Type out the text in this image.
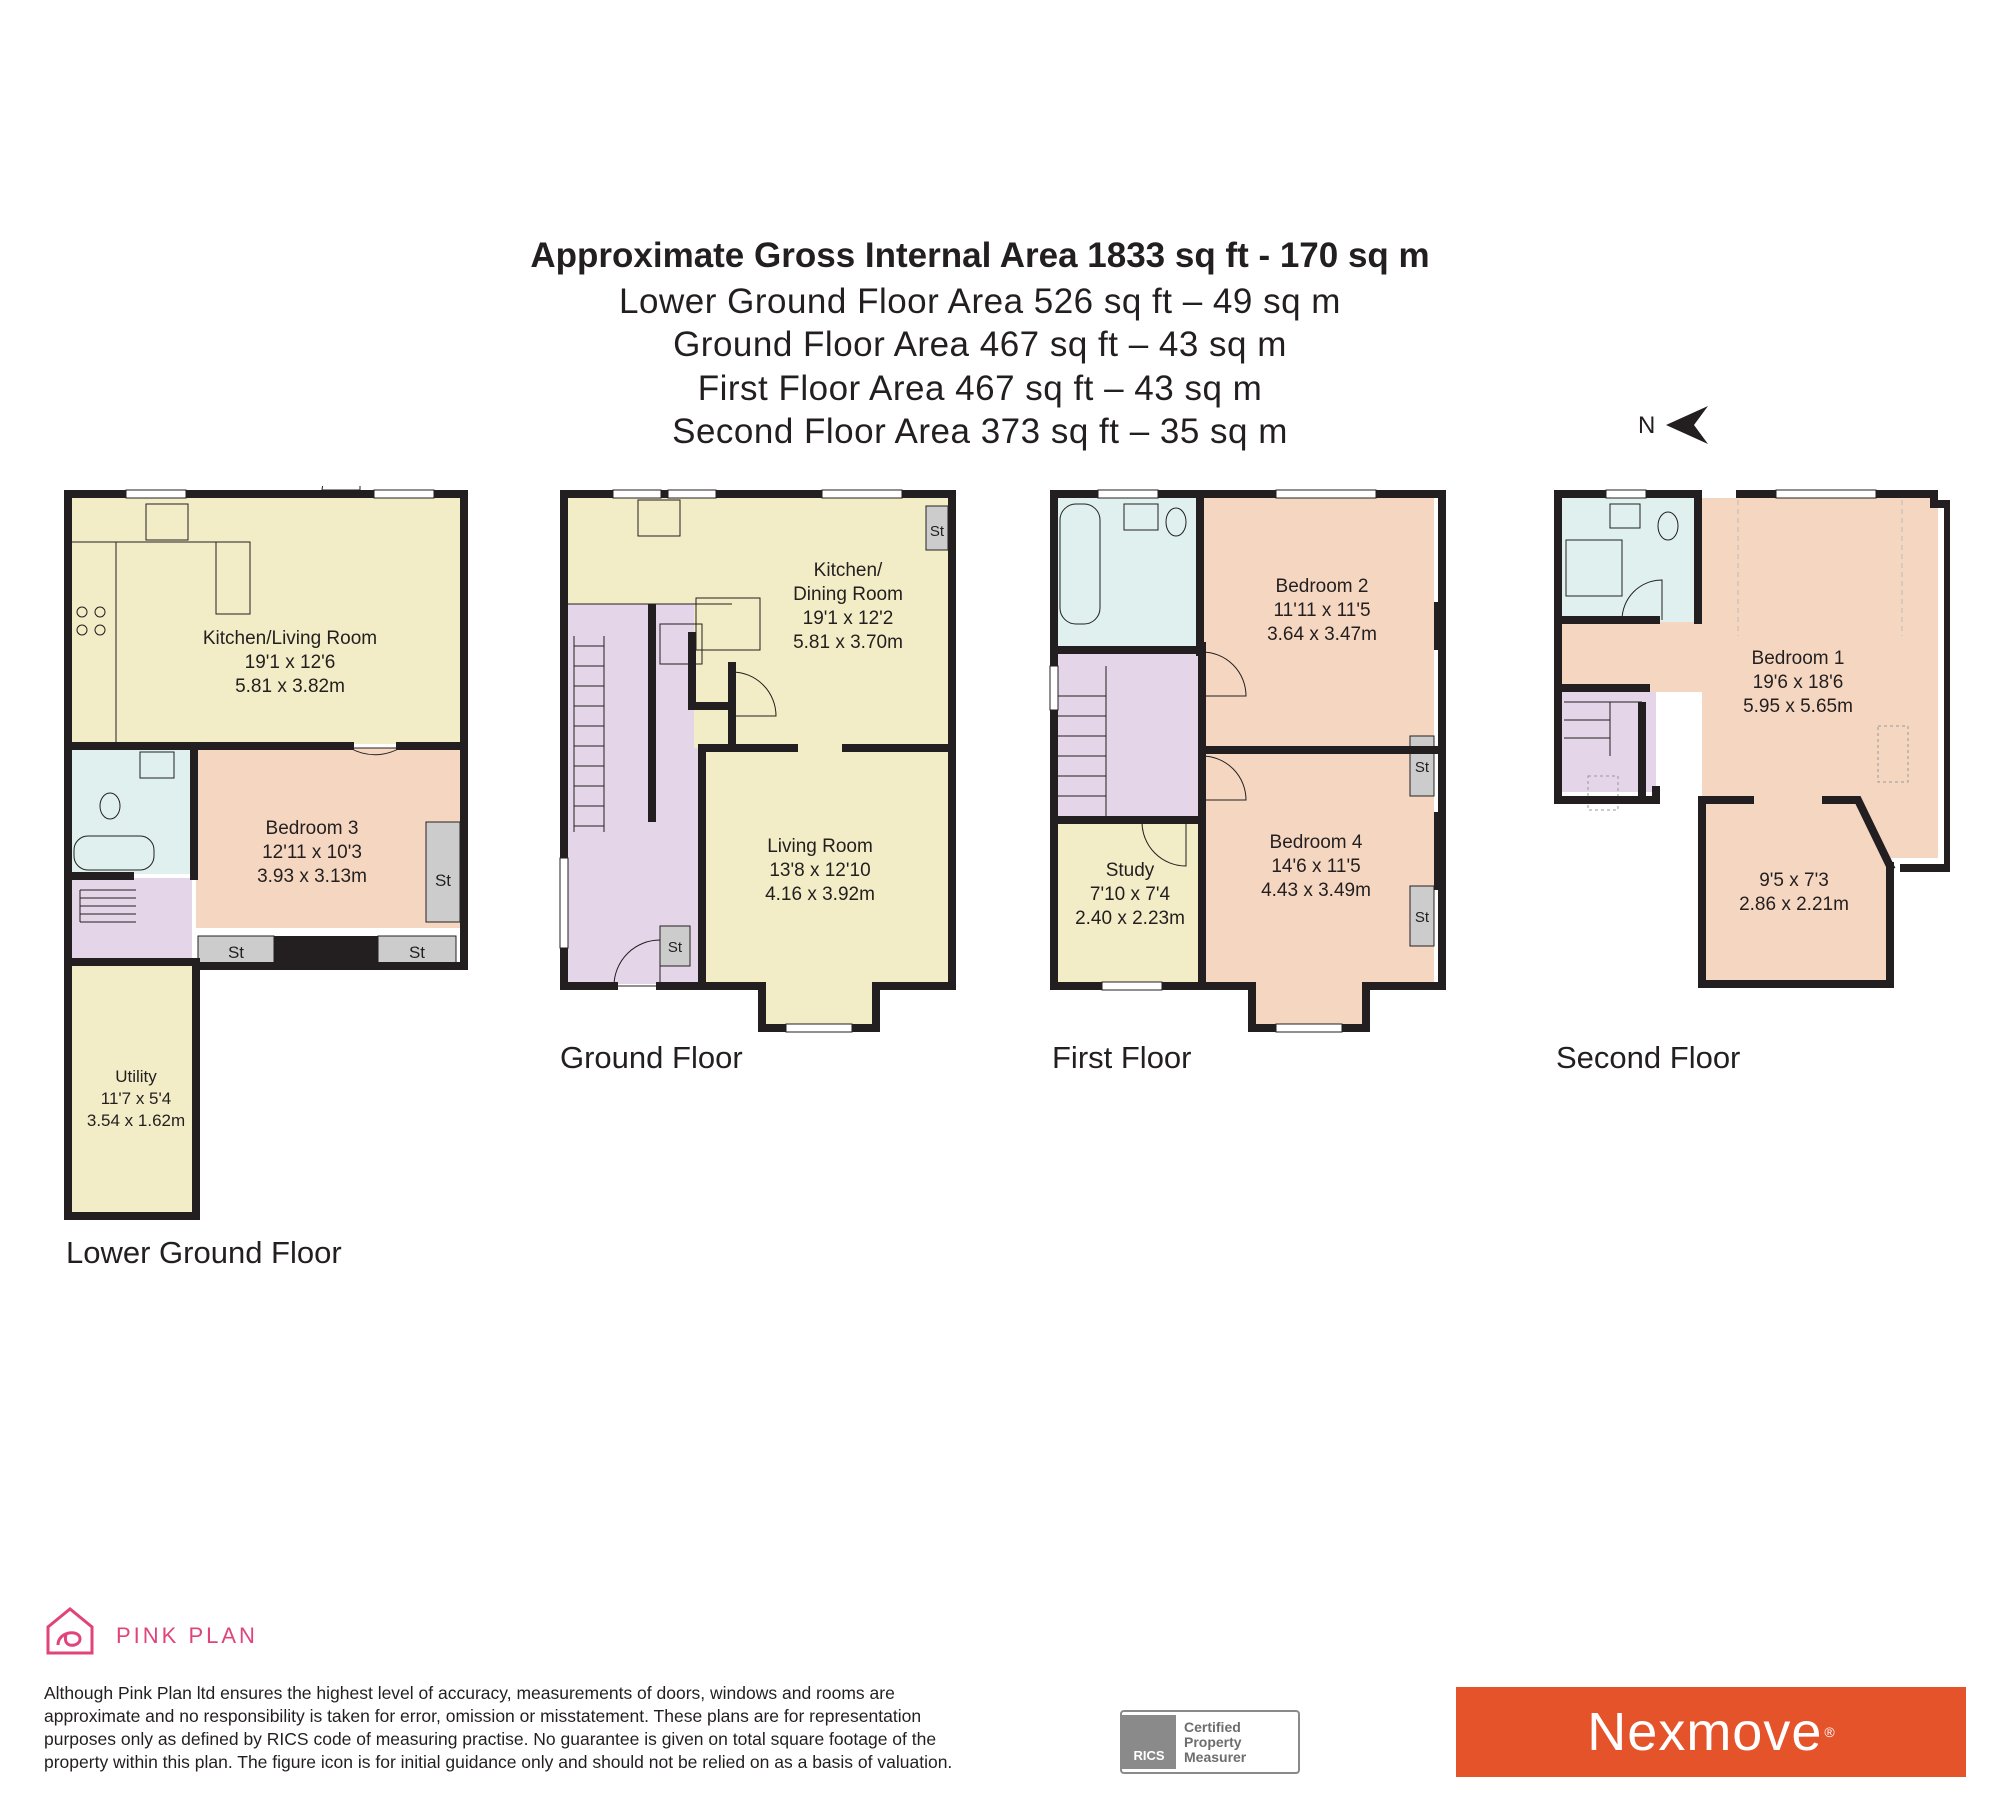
Approximate Gross Internal Area 1833 sq ft - 170 sq m
Lower Ground Floor Area 526 sq ft – 49 sq m
Ground Floor Area 467 sq ft – 43 sq m
First Floor Area 467 sq ft – 43 sq m
Second Floor Area 373 sq ft – 35 sq m	N
Kitchen/Living Room
19'1 x 12'6
5.81 x 3.82m
Bedroom 3
12'11 x 10'3
3.93 x 3.13m
Utility
11'7 x 5'4
3.54 x 1.62m
St	St
St
Lower Ground Floor
Kitchen/
Dining Room
19'1 x 12'2
5.81 x 3.70m
Living Room
13'8 x 12'10
4.16 x 3.92m
St
St
Ground Floor
Bedroom 2
11'11 x 11'5
3.64 x 3.47m
Bedroom 4
14'6 x 11'5
4.43 x 3.49m
Study
7'10 x 7'4
2.40 x 2.23m
St
St
First Floor
Bedroom 1
19'6 x 18'6
5.95 x 5.65m
9'5 x 7'3
2.86 x 2.21m
Second Floor
PINK PLAN
Although Pink Plan ltd ensures the highest level of accuracy, measurements of doors, windows and rooms are
approximate and no responsibility is taken for error, omission or misstatement. These plans are for representation
purposes only as defined by RICS code of measuring practise. No guarantee is given on total square footage of the
property within this plan. The figure icon is for initial guidance only and should not be relied on as a basis of valuation.	RICS
Certified
Property
Measurer	Nexmove ®
